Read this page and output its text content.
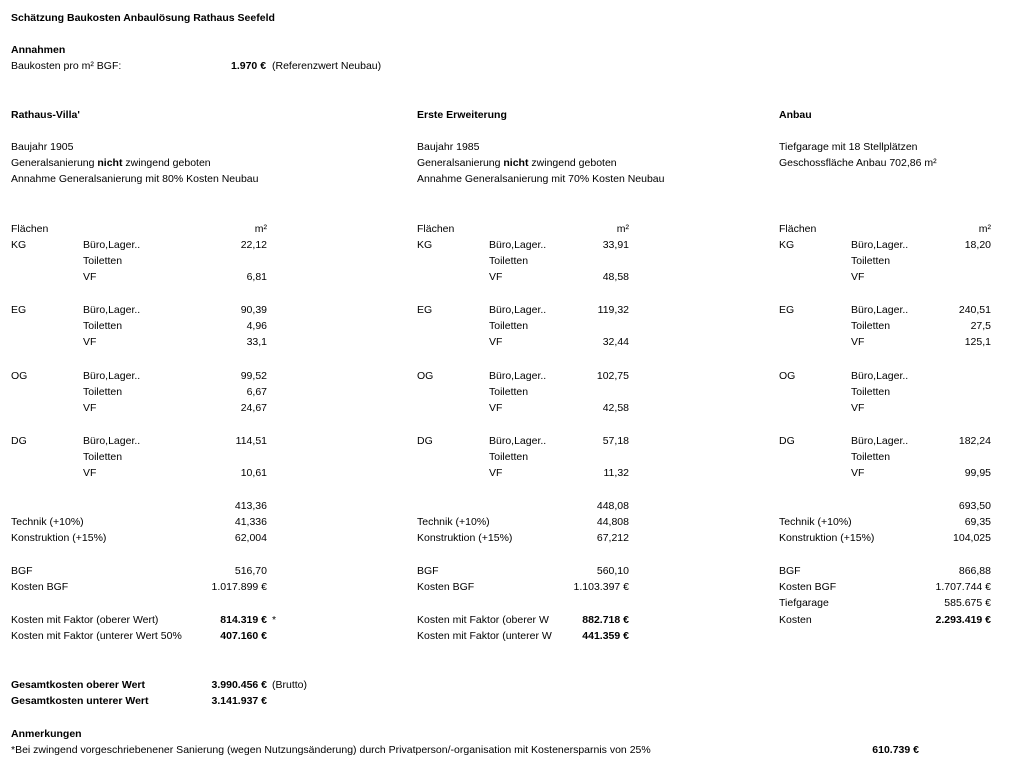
Schätzung Baukosten Anbaulösung Rathaus Seefeld
Annahmen
Baukosten pro m² BGF:	1.970 € (Referenzwert Neubau)
Rathaus-Villa'
Baujahr 1905
Generalsanierung nicht zwingend geboten
Annahme Generalsanierung mit 80% Kosten Neubau
Flächen	m²
KG	Büro,Lager..	22,12
Toiletten
VF	6,81
EG	Büro,Lager..	90,39
Toiletten	4,96
VF	33,1
OG	Büro,Lager..	99,52
Toiletten	6,67
VF	24,67
DG	Büro,Lager..	114,51
Toiletten
VF	10,61
413,36
Technik (+10%)	41,336
Konstruktion (+15%)	62,004
BGF	516,70
Kosten BGF	1.017.899 €
Kosten mit Faktor (oberer Wert)	814.319 € *
Kosten mit Faktor (unterer Wert 50%	407.160 €
Erste Erweiterung
Baujahr 1985
Generalsanierung nicht zwingend geboten
Annahme Generalsanierung mit 70% Kosten Neubau
Flächen	m²
KG	Büro,Lager..	33,91
Toiletten
VF	48,58
EG	Büro,Lager..	119,32
Toiletten
VF	32,44
OG	Büro,Lager..	102,75
Toiletten
VF	42,58
DG	Büro,Lager..	57,18
Toiletten
VF	11,32
448,08
Technik (+10%)	44,808
Konstruktion (+15%)	67,212
BGF	560,10
Kosten BGF	1.103.397 €
Kosten mit Faktor (oberer W	882.718 €
Kosten mit Faktor (unterer W	441.359 €
Anbau
Tiefgarage mit 18 Stellplätzen
Geschossfläche Anbau 702,86 m²
Flächen	m²
KG	Büro,Lager..	18,20
Toiletten
VF
EG	Büro,Lager..	240,51
Toiletten	27,5
VF	125,1
OG	Büro,Lager..
Toiletten
VF
DG	Büro,Lager..	182,24
Toiletten
VF	99,95
693,50
Technik (+10%)	69,35
Konstruktion (+15%)	104,025
BGF	866,88
Kosten BGF	1.707.744 €
Tiefgarage	585.675 €
Kosten	2.293.419 €
Gesamtkosten oberer Wert	3.990.456 € (Brutto)
Gesamtkosten unterer Wert	3.141.937 €
Anmerkungen
*Bei zwingend vorgeschriebenener Sanierung (wegen Nutzungsänderung) durch Privatperson/-organisation mit Kostenersparnis von 25%	610.739 €
